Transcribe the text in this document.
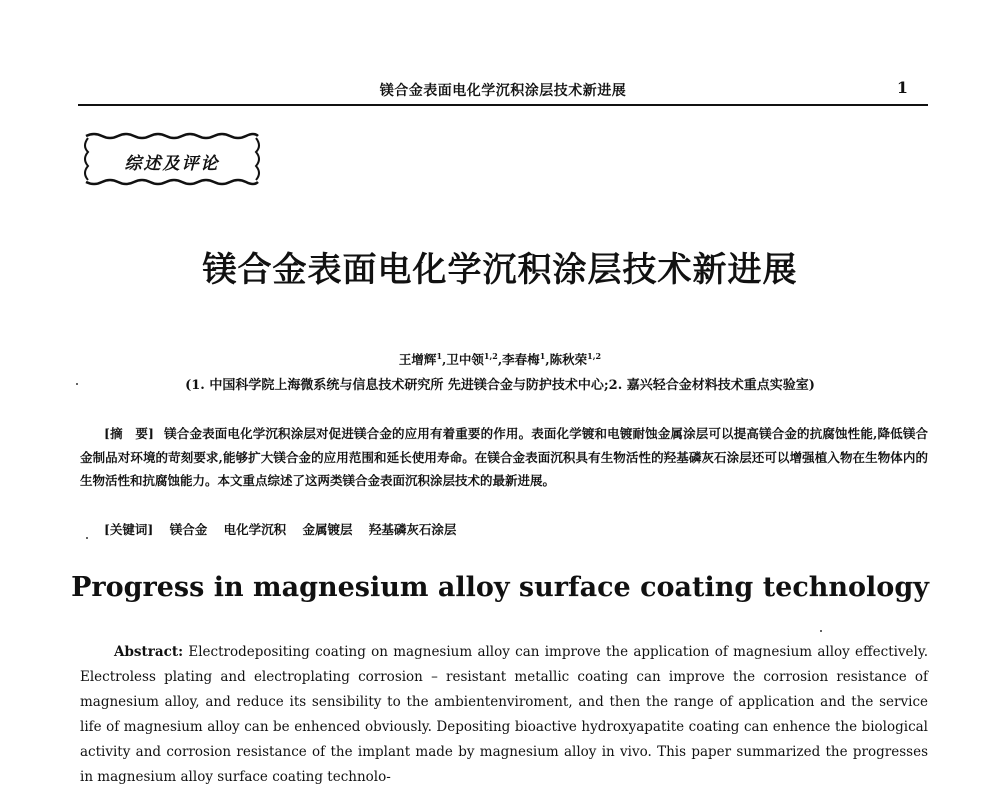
镁合金表面电化学沉积涂层技术新进展	1
综述及评论
镁合金表面电化学沉积涂层技术新进展
王增辉$^1$,卫中领$^{1,2}$,李春梅$^1$,陈秋荣$^{1,2}$
(1. 中国科学院上海微系统与信息技术研究所 先进镁合金与防护技术中心;2. 嘉兴轻合金材料技术重点实验室)
[摘　要] 镁合金表面电化学沉积涂层对促进镁合金的应用有着重要的作用。表面化学镀和电镀耐蚀金属涂层可以提高镁合金的抗腐蚀性能,降低镁合金制品对环境的苛刻要求,能够扩大镁合金的应用范围和延长使用寿命。在镁合金表面沉积具有生物活性的羟基磷灰石涂层还可以增强植入物在生物体内的生物活性和抗腐蚀能力。本文重点综述了这两类镁合金表面沉积涂层技术的最新进展。
[关键词] 镁合金 电化学沉积 金属镀层 羟基磷灰石涂层
Progress in magnesium alloy surface coating technology
Abstract: Electrodepositing coating on magnesium alloy can improve the application of magnesium alloy effectively. Electroless plating and electroplating corrosion – resistant metallic coating can improve the corrosion resistance of magnesium alloy, and reduce its sensibility to the ambientenviroment, and then the range of application and the service life of magnesium alloy can be enhenced obviously. Depositing bioactive hydroxyapatite coating can enhence the biological activity and corrosion resistance of the implant made by magnesium alloy in vivo. This paper summarized the progresses in magnesium alloy surface coating technolo-
